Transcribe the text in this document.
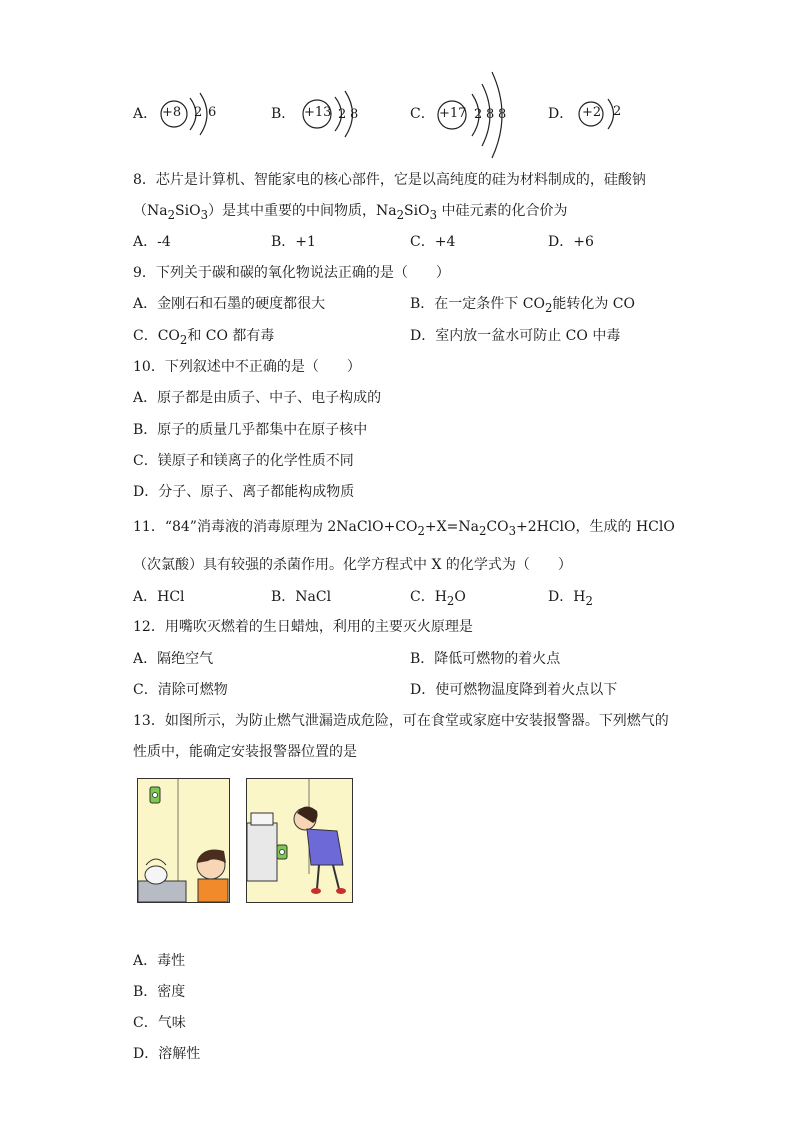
A． +8 2 6	B． +13 2 8	C． +17 2 8 8	D． +2 2
8．芯片是计算机、智能家电的核心部件，它是以高纯度的硅为材料制成的，硅酸钠
$(Na_2SiO_3)$是其中重要的中间物质，$Na_2SiO_3$ 中硅元素的化合价为
A．-4	B．+1	C．+4	D．+6
9．下列关于碳和碳的氧化物说法正确的是（　　）
A．金刚石和石墨的硬度都很大	B．在一定条件下 $CO_2$能转化为 CO
C．$CO_2$和 CO 都有毒	D．室内放一盆水可防止 CO 中毒
10．下列叙述中不正确的是（　　）
A．原子都是由质子、中子、电子构成的
B．原子的质量几乎都集中在原子核中
C．镁原子和镁离子的化学性质不同
D．分子、原子、离子都能构成物质
11．“84”消毒液的消毒原理为 $2NaClO+CO_2+X=Na_2CO_3+2HClO$，生成的 HClO
（次氯酸）具有较强的杀菌作用。化学方程式中 X 的化学式为（　　）
A．HCl	B．NaCl	C．$H_2O$	D．$H_2$
12．用嘴吹灭燃着的生日蜡烛，利用的主要灭火原理是
A．隔绝空气	B．降低可燃物的着火点
C．清除可燃物	D．使可燃物温度降到着火点以下
13．如图所示，为防止燃气泄漏造成危险，可在食堂或家庭中安装报警器。下列燃气的
性质中，能确定安装报警器位置的是
A．毒性
B．密度
C．气味
D．溶解性
